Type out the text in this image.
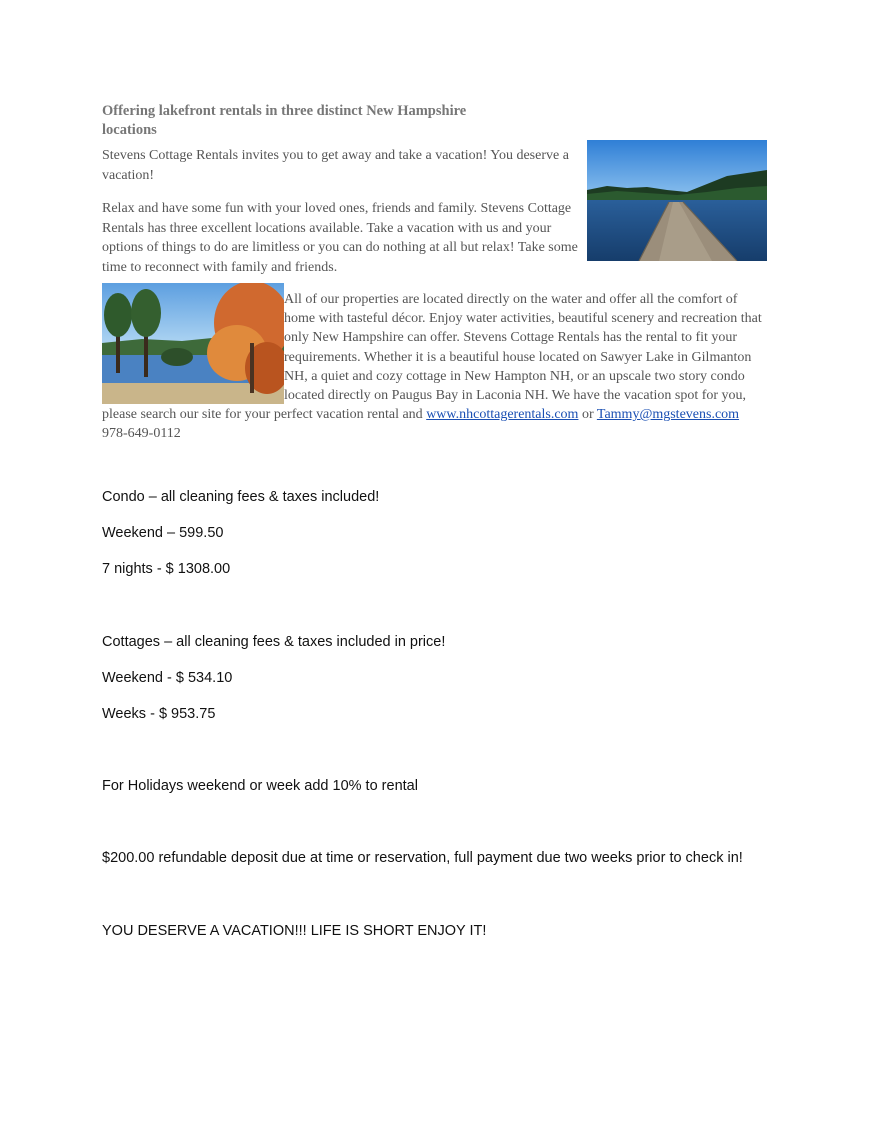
Offering lakefront rentals in three distinct New Hampshire
locations

Stevens Cottage Rentals invites you to get away and take a vacation! You deserve a vacation!

Relax and have some fun with your loved ones, friends and family. Stevens Cottage Rentals has three excellent locations available. Take a vacation with us and your options of things to do are limitless or you can do nothing at all but relax! Take some time to reconnect with family and friends.

All of our properties are located directly on the water and offer all the comfort of
home with tasteful décor. Enjoy water activities, beautiful scenery and recreation that
only New Hampshire can offer. Stevens Cottage Rentals has the rental to fit your
requirements. Whether it is a beautiful house located on Sawyer Lake in Gilmanton
NH, a quiet and cozy cottage in New Hampton NH, or an upscale two story condo
located directly on Paugus Bay in Laconia NH. We have the vacation spot for you,
please search our site for your perfect vacation rental and www.nhcottagerentals.com or Tammy@mgstevens.com
978-649-0112
Condo – all cleaning fees & taxes included!
Weekend – 599.50
7 nights - $ 1308.00
Cottages – all cleaning fees & taxes included in price!
Weekend - $ 534.10
Weeks - $ 953.75
For Holidays weekend or week add 10% to rental
$200.00 refundable deposit due at time or reservation, full payment due two weeks prior to check in!
YOU DESERVE A VACATION!!! LIFE IS SHORT ENJOY IT!
